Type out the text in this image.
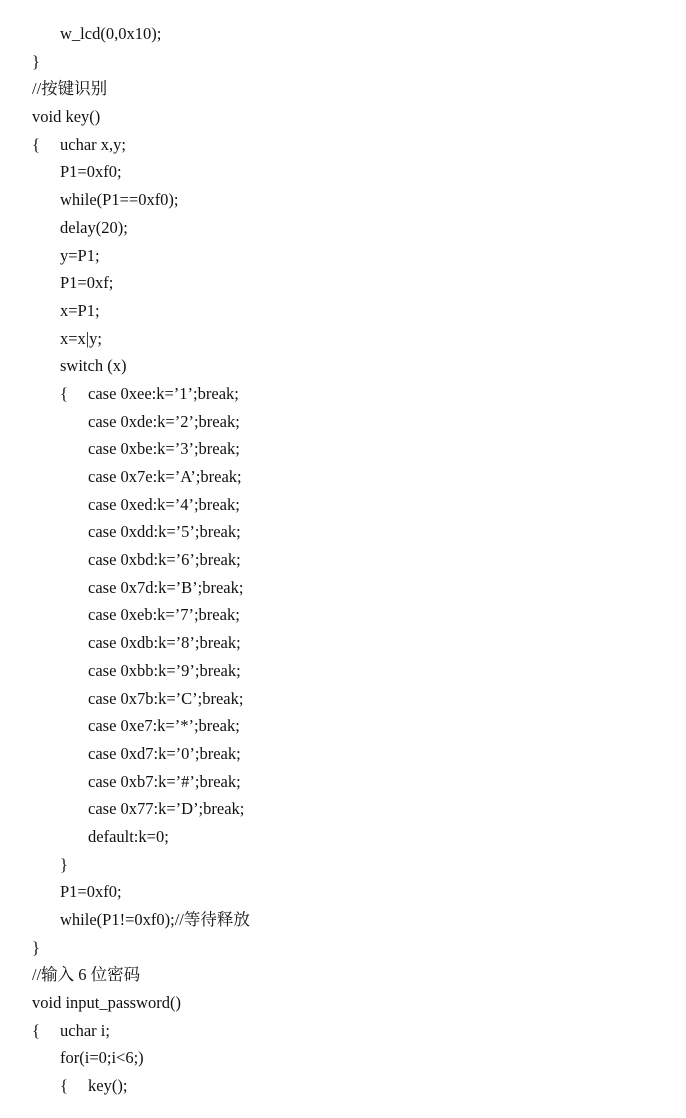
w_lcd(0,0x10);
}
//按键识别
void key()
{ uchar x,y;
P1=0xf0;
while(P1==0xf0);
delay(20);
y=P1;
P1=0xf;
x=P1;
x=x|y;
switch (x)
{ case 0xee:k=’1’;break;
case 0xde:k=’2’;break;
case 0xbe:k=’3’;break;
case 0x7e:k=’A’;break;
case 0xed:k=’4’;break;
case 0xdd:k=’5’;break;
case 0xbd:k=’6’;break;
case 0x7d:k=’B’;break;
case 0xeb:k=’7’;break;
case 0xdb:k=’8’;break;
case 0xbb:k=’9’;break;
case 0x7b:k=’C’;break;
case 0xe7:k=’*’;break;
case 0xd7:k=’0’;break;
case 0xb7:k=’#’;break;
case 0x77:k=’D’;break;
default:k=0;
}
P1=0xf0;
while(P1!=0xf0);//等待释放
}
//输入 6 位密码
void input_password()
{ uchar i;
for(i=0;i<6;)
{ key();
